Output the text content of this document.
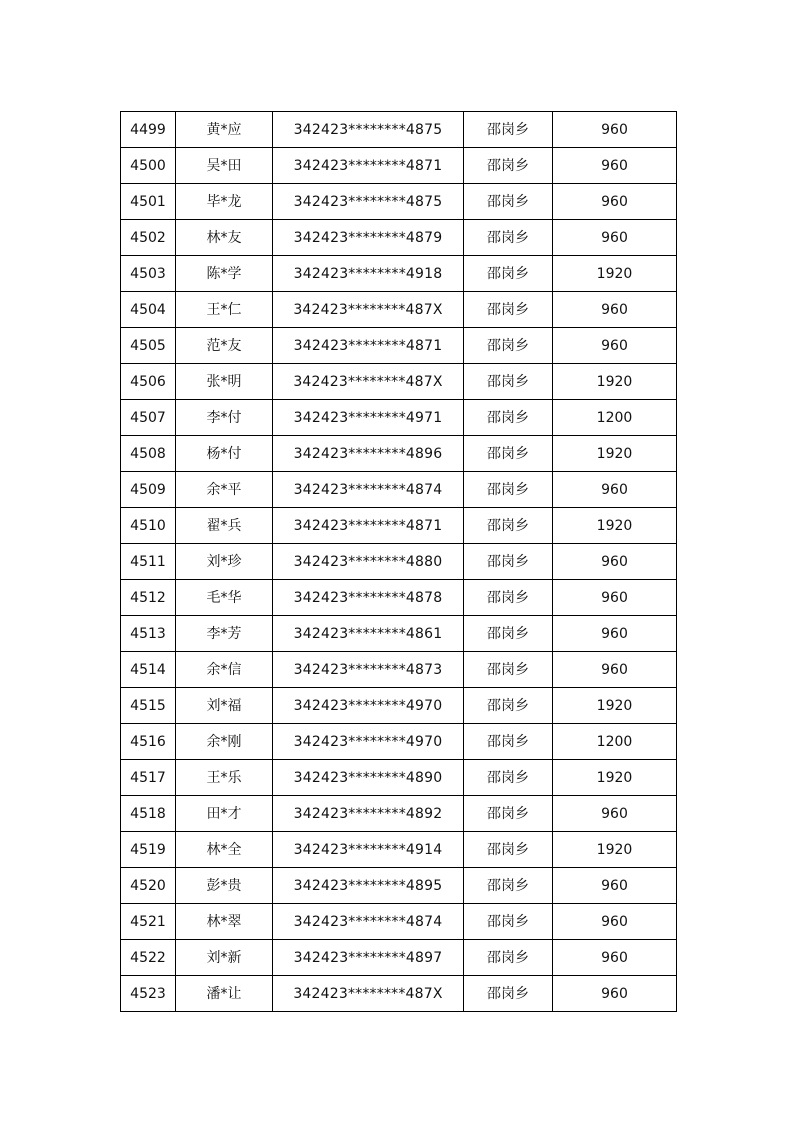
4499	黄*应	342423********4875	邵岗乡	960
4500	吴*田	342423********4871	邵岗乡	960
4501	毕*龙	342423********4875	邵岗乡	960
4502	林*友	342423********4879	邵岗乡	960
4503	陈*学	342423********4918	邵岗乡	1920
4504	王*仁	342423********487X	邵岗乡	960
4505	范*友	342423********4871	邵岗乡	960
4506	张*明	342423********487X	邵岗乡	1920
4507	李*付	342423********4971	邵岗乡	1200
4508	杨*付	342423********4896	邵岗乡	1920
4509	余*平	342423********4874	邵岗乡	960
4510	翟*兵	342423********4871	邵岗乡	1920
4511	刘*珍	342423********4880	邵岗乡	960
4512	毛*华	342423********4878	邵岗乡	960
4513	李*芳	342423********4861	邵岗乡	960
4514	余*信	342423********4873	邵岗乡	960
4515	刘*福	342423********4970	邵岗乡	1920
4516	余*刚	342423********4970	邵岗乡	1200
4517	王*乐	342423********4890	邵岗乡	1920
4518	田*才	342423********4892	邵岗乡	960
4519	林*全	342423********4914	邵岗乡	1920
4520	彭*贵	342423********4895	邵岗乡	960
4521	林*翠	342423********4874	邵岗乡	960
4522	刘*新	342423********4897	邵岗乡	960
4523	潘*让	342423********487X	邵岗乡	960
